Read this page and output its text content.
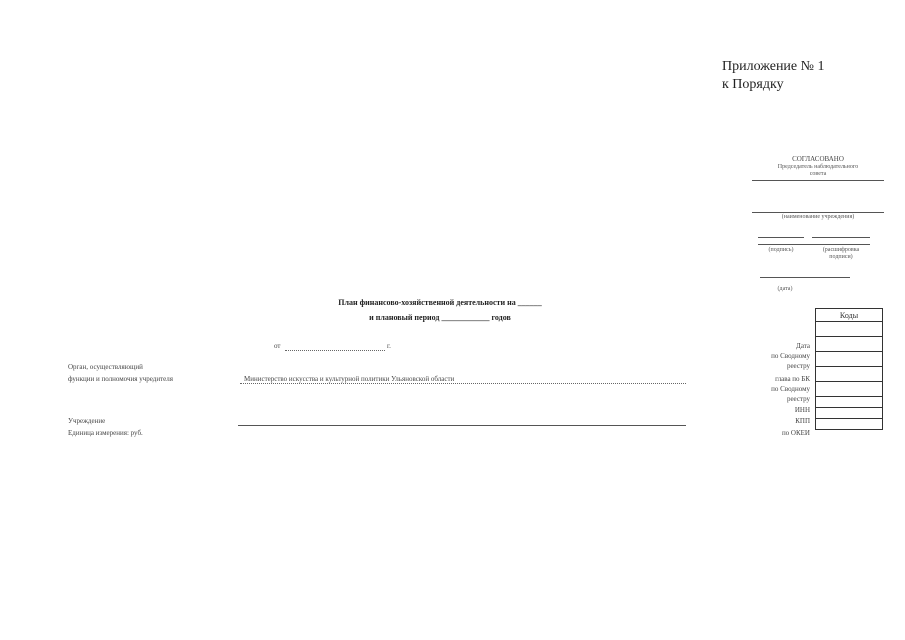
Приложение № 1
к Порядку
СОГЛАСОВАНО
Председатель наблюдательного
совета
(наименование учреждения)
(подпись)	(расшифровка
подписи)
(дата)
План финансово-хозяйственной деятельности на ______
и плановый период ____________ годов
от	г.
Орган, осуществляющий
функции и полномочия учредителя	Министерство искусства и культурной политики Ульяновской области
Учреждение
Единица измерения: руб.
Коды

Дата
по Сводному
реестру
глава по БК
по Сводному
реестру
ИНН
КПП
по ОКЕИ
